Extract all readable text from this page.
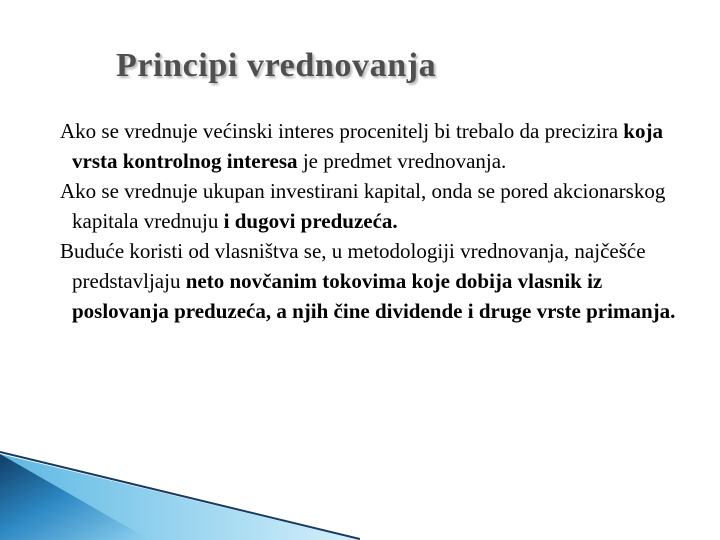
Principi vrednovanja

Ako se vrednuje većinski interes procenitelj bi trebalo da precizira koja vrsta kontrolnog interesa je predmet vrednovanja.

Ako se vrednuje ukupan investirani kapital, onda se pored akcionarskog kapitala vrednuju i dugovi preduzeća.

Buduće koristi od vlasništva se, u metodologiji vrednovanja, najčešće predstavljaju neto novčanim tokovima koje dobija vlasnik iz poslovanja preduzeća, a njih čine dividende i druge vrste primanja.
